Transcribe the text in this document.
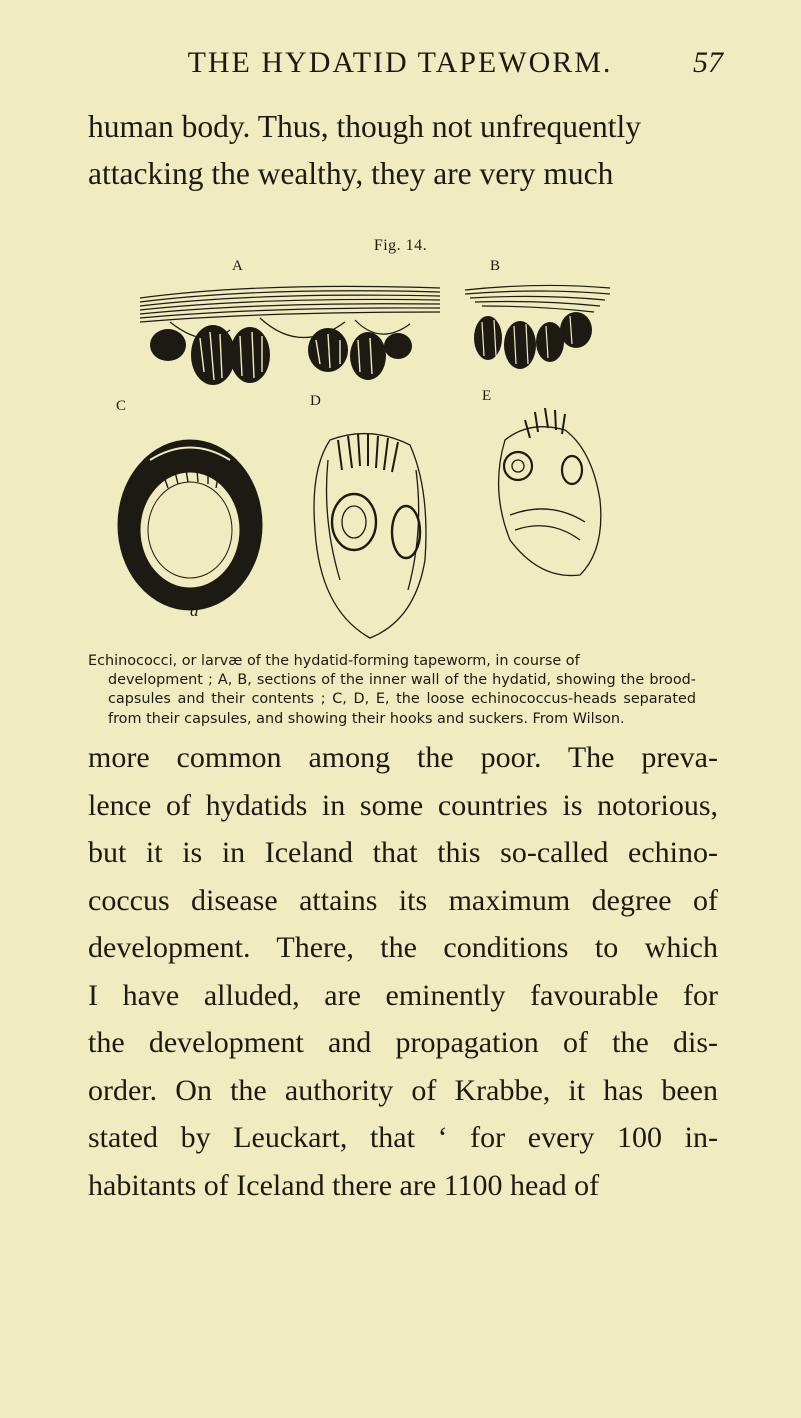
THE HYDATID TAPEWORM.	57
human body. Thus, though not unfrequently
attacking the wealthy, they are very much
Fig. 14.
A	B
C	D	E
a
Echinococci, or larvæ of the hydatid-forming tapeworm, in course of
development ; A, B, sections of the inner wall of the hydatid, showing the brood-capsules and their contents ; C, D, E, the loose echinococcus-heads separated from their capsules, and showing their hooks and suckers. From Wilson.
more common among the poor. The preva-
lence of hydatids in some countries is notorious,
but it is in Iceland that this so-called echino-
coccus disease attains its maximum degree of
development. There, the conditions to which
I have alluded, are eminently favourable for
the development and propagation of the dis-
order. On the authority of Krabbe, it has been
stated by Leuckart, that ‘ for every 100 in-
habitants of Iceland there are 1100 head of
